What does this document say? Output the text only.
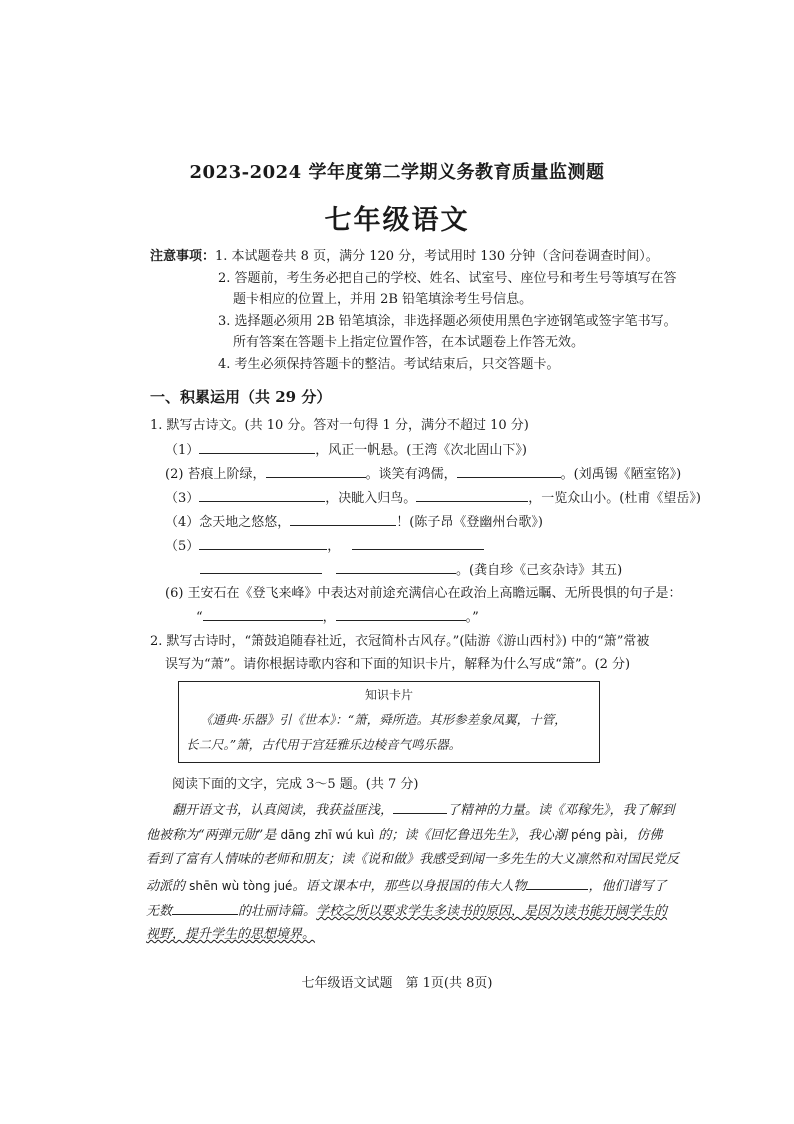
2023-2024 学年度第二学期义务教育质量监测题
七年级语文
注意事项：1. 本试题卷共 8 页，满分 120 分，考试用时 130 分钟（含问卷调查时间）。
2. 答题前，考生务必把自己的学校、姓名、试室号、座位号和考生号等填写在答
题卡相应的位置上，并用 2B 铅笔填涂考生号信息。
3. 选择题必须用 2B 铅笔填涂，非选择题必须使用黑色字迹钢笔或签字笔书写。
所有答案在答题卡上指定位置作答，在本试题卷上作答无效。
4. 考生必须保持答题卡的整洁。考试结束后，只交答题卡。
一、积累运用（共 29 分）
1. 默写古诗文。(共 10 分。答对一句得 1 分，满分不超过 10 分)
（1）	，风正一帆悬。(王湾《次北固山下》)
(2) 苔痕上阶绿，	。谈笑有鸿儒，	。(刘禹锡《陋室铭》)
（3）	，决眦入归鸟。	，一览众山小。(杜甫《望岳》)
（4）念天地之悠悠，	！(陈子昂《登幽州台歌》)
（5）	，
。(龚自珍《己亥杂诗》其五)
(6) 王安石在《登飞来峰》中表达对前途充满信心在政治上高瞻远瞩、无所畏惧的句子是：
“	，	。”
2. 默写古诗时，“箫鼓追随春社近，衣冠简朴古风存。”(陆游《游山西村》) 中的“箫”常被
误写为“萧”。请你根据诗歌内容和下面的知识卡片，解释为什么写成“箫”。(2 分)
知识卡片
《通典·乐器》引《世本》：“箫，舜所造。其形参差象凤翼，十管，
长二尺。”箫，古代用于宫廷雅乐边棱音气鸣乐器。
阅读下面的文字，完成 3～5 题。(共 7 分)
翻开语文书，认真阅读，我获益匪浅，	了精神的力量。读《邓稼先》，我了解到
他被称为“两弹元勋”是 dāng zhī wú kuì 的；读《回忆鲁迅先生》，我心潮 péng pài，仿佛
看到了富有人情味的老师和朋友；读《说和做》我感受到闻一多先生的大义凛然和对国民党反
动派的 shēn wù tòng jué。语文课本中，那些以身报国的伟大人物	，他们谱写了
无数	的壮丽诗篇。学校之所以要求学生多读书的原因，是因为读书能开阔学生的
视野，提升学生的思想境界。
七年级语文试题　第 1页(共 8页)
